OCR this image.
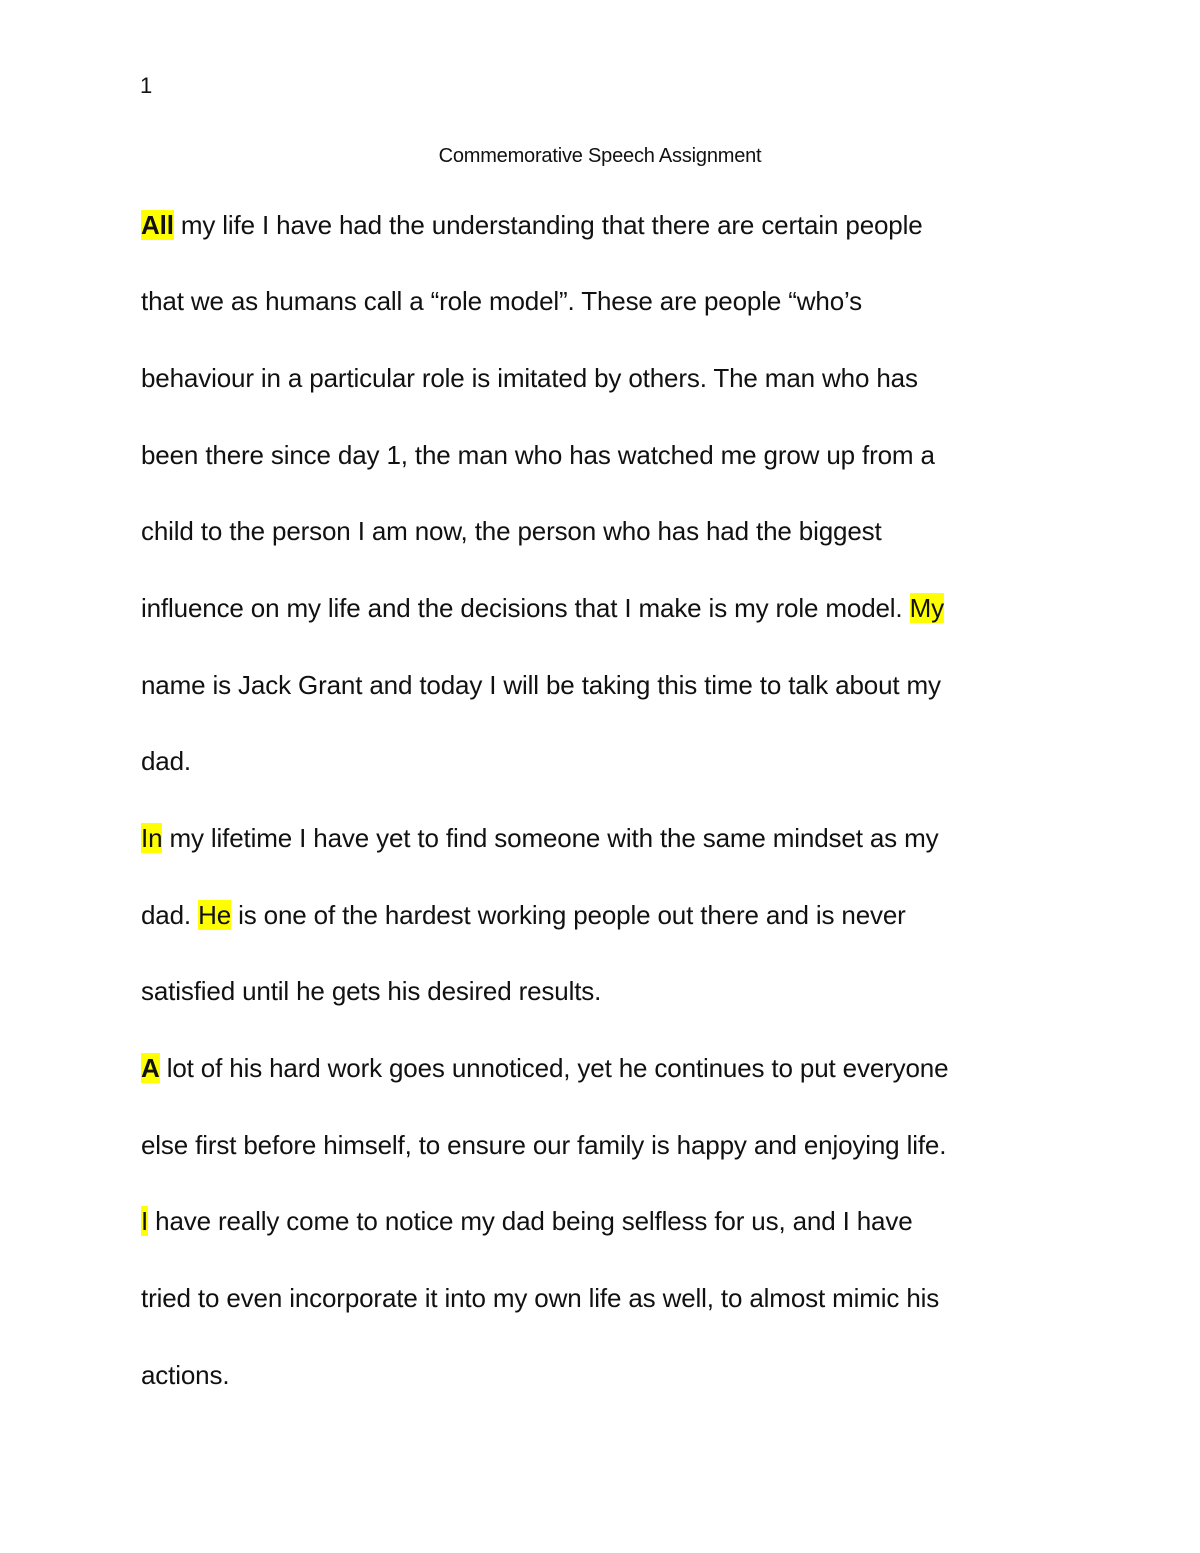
1
Commemorative Speech Assignment
All my life I have had the understanding that there are certain people
that we as humans call a “role model”. These are people “who’s
behaviour in a particular role is imitated by others. The man who has
been there since day 1, the man who has watched me grow up from a
child to the person I am now, the person who has had the biggest
influence on my life and the decisions that I make is my role model. My
name is Jack Grant and today I will be taking this time to talk about my
dad.
In my lifetime I have yet to find someone with the same mindset as my
dad. He is one of the hardest working people out there and is never
satisfied until he gets his desired results.
A lot of his hard work goes unnoticed, yet he continues to put everyone
else first before himself, to ensure our family is happy and enjoying life.
I have really come to notice my dad being selfless for us, and I have
tried to even incorporate it into my own life as well, to almost mimic his
actions.
